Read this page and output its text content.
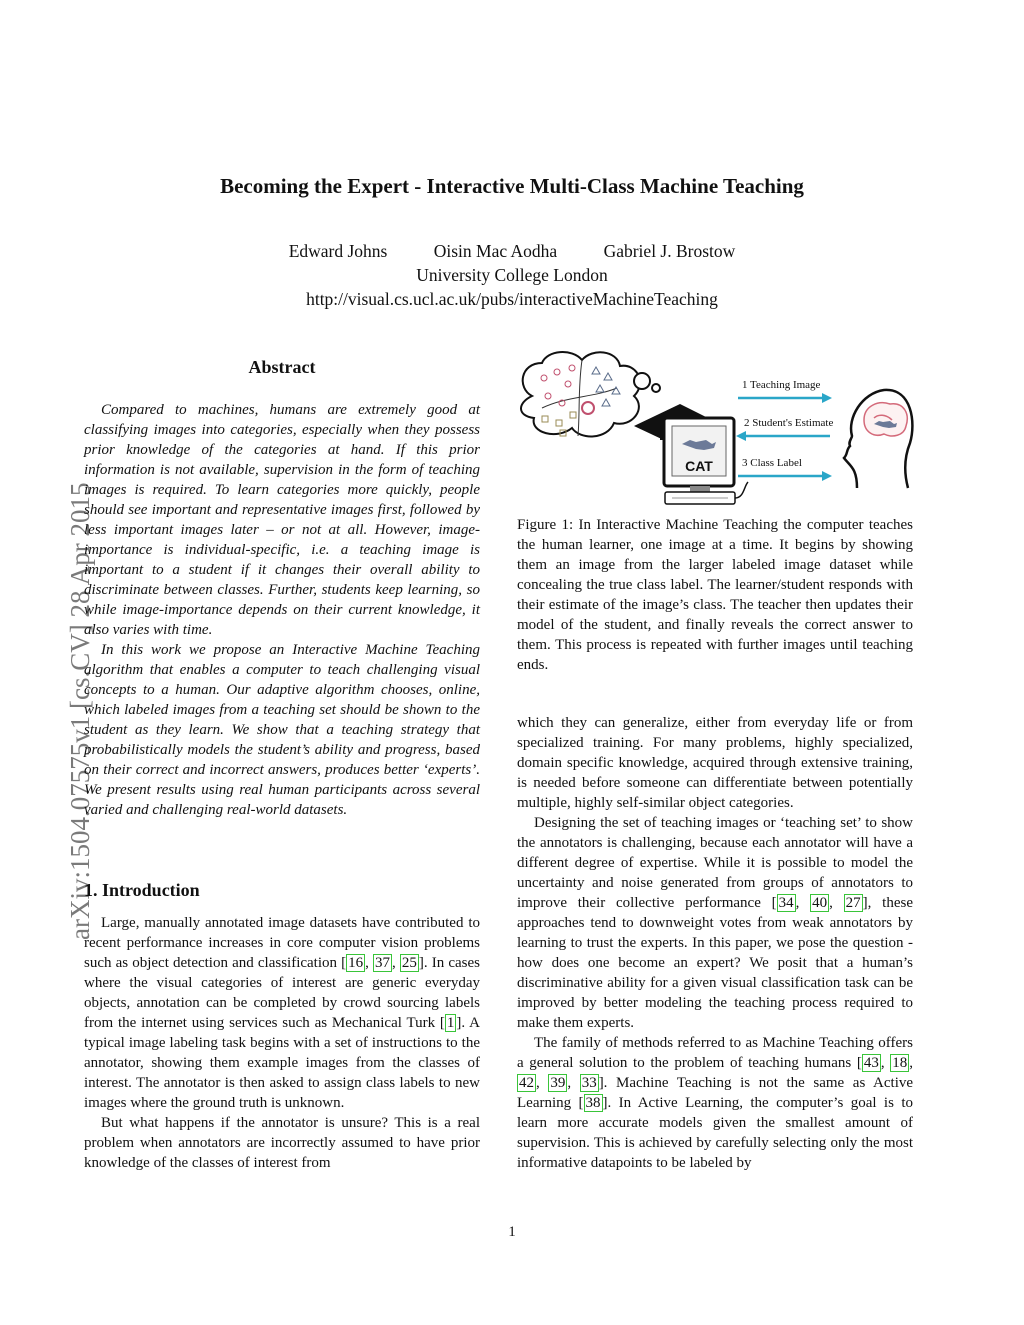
Becoming the Expert - Interactive Multi-Class Machine Teaching
Edward Johns	Oisin Mac Aodha	Gabriel J. Brostow
University College London
http://visual.cs.ucl.ac.uk/pubs/interactiveMachineTeaching
arXiv:1504.07575v1 [cs.CV] 28 Apr 2015
Abstract

Compared to machines, humans are extremely good at classifying images into categories, especially when they possess prior knowledge of the categories at hand. If this prior information is not available, supervision in the form of teaching images is required. To learn categories more quickly, people should see important and representative images first, followed by less important images later – or not at all. However, image-importance is individual-specific, i.e. a teaching image is important to a student if it changes their overall ability to discriminate between classes. Further, students keep learning, so while image-importance depends on their current knowledge, it also varies with time.

In this work we propose an Interactive Machine Teaching algorithm that enables a computer to teach challenging visual concepts to a human. Our adaptive algorithm chooses, online, which labeled images from a teaching set should be shown to the student as they learn. We show that a teaching strategy that probabilistically models the student’s ability and progress, based on their correct and incorrect answers, produces better ‘experts’. We present results using real human participants across several varied and challenging real-world datasets.

1. Introduction

Large, manually annotated image datasets have contributed to recent performance increases in core computer vision problems such as object detection and classification [ 16 , 37 , 25 ]. In cases where the visual categories of interest are generic everyday objects, annotation can be completed by crowd sourcing labels from the internet using services such as Mechanical Turk [ 1 ]. A typical image labeling task begins with a set of instructions to the annotator, showing them example images from the classes of interest. The annotator is then asked to assign class labels to new images where the ground truth is unknown.

But what happens if the annotator is unsure? This is a real problem when annotators are incorrectly assumed to have prior knowledge of the classes of interest from

CAT
1 Teaching Image
2 Student's Estimate
3 Class Label
Figure 1: In Interactive Machine Teaching the computer teaches the human learner, one image at a time. It begins by showing them an image from the larger labeled image dataset while concealing the true class label. The learner/student responds with their estimate of the image’s class. The teacher then updates their model of the student, and finally reveals the correct answer to them. This process is repeated with further images until teaching ends.

which they can generalize, either from everyday life or from specialized training. For many problems, highly specialized, domain specific knowledge, acquired through extensive training, is needed before someone can differentiate between potentially multiple, highly self-similar object categories.

Designing the set of teaching images or ‘teaching set’ to show the annotators is challenging, because each annotator will have a different degree of expertise. While it is possible to model the uncertainty and noise generated from groups of annotators to improve their collective performance [ 34 , 40 , 27 ], these approaches tend to downweight votes from weak annotators by learning to trust the experts. In this paper, we pose the question - how does one become an expert? We posit that a human’s discriminative ability for a given visual classification task can be improved by better modeling the teaching process required to make them experts.

The family of methods referred to as Machine Teaching offers a general solution to the problem of teaching humans [ 43 , 18 , 42 , 39 , 33 ]. Machine Teaching is not the same as Active Learning [ 38 ]. In Active Learning, the computer’s goal is to learn more accurate models given the smallest amount of supervision. This is achieved by carefully selecting only the most informative datapoints to be labeled by

1
